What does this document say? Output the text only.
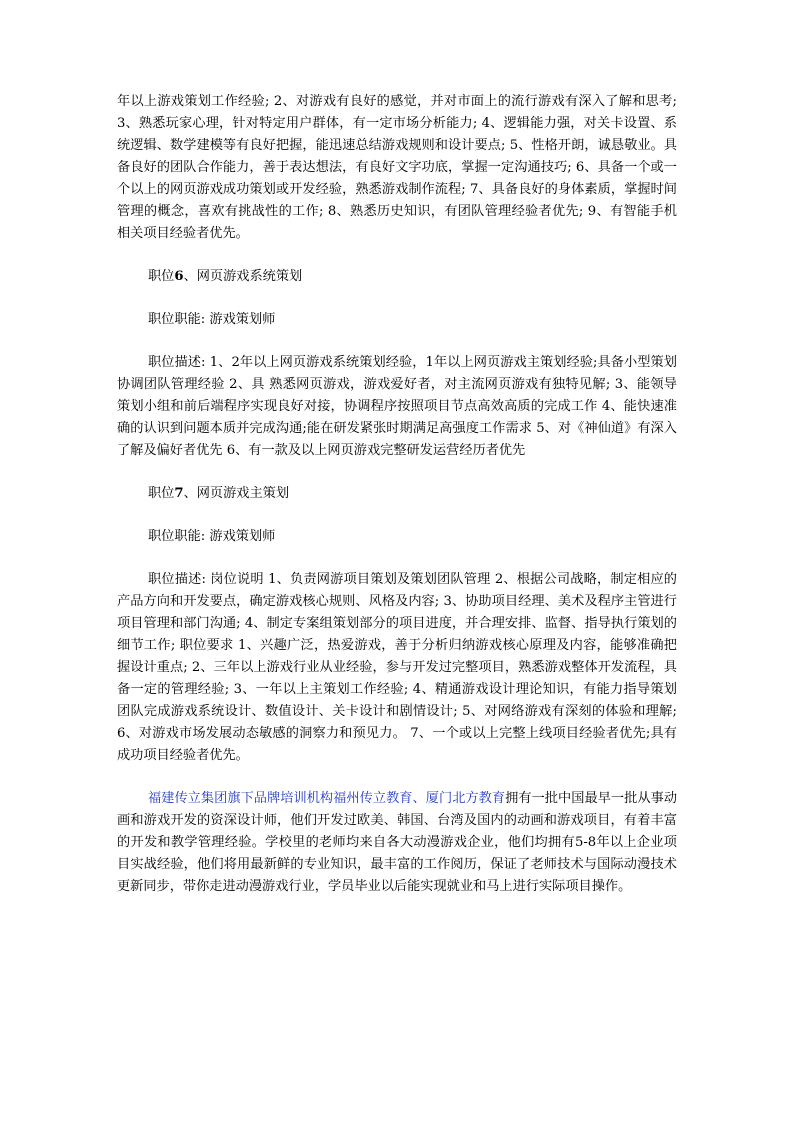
年以上游戏策划工作经验; 2、对游戏有良好的感觉，并对市面上的流行游戏有深入了解和思考; 3、熟悉玩家心理，针对特定用户群体，有一定市场分析能力; 4、逻辑能力强，对关卡设置、系统逻辑、数学建模等有良好把握，能迅速总结游戏规则和设计要点; 5、性格开朗，诚恳敬业。具备良好的团队合作能力，善于表达想法，有良好文字功底，掌握一定沟通技巧; 6、具备一个或一个以上的网页游戏成功策划或开发经验，熟悉游戏制作流程; 7、具备良好的身体素质，掌握时间管理的概念，喜欢有挑战性的工作; 8、熟悉历史知识，有团队管理经验者优先; 9、有智能手机相关项目经验者优先。

职位6、网页游戏系统策划

职位职能: 游戏策划师

职位描述: 1、2年以上网页游戏系统策划经验，1年以上网页游戏主策划经验;具备小型策划协调团队管理经验 2、具 熟悉网页游戏，游戏爱好者，对主流网页游戏有独特见解; 3、能领导策划小组和前后端程序实现良好对接，协调程序按照项目节点高效高质的完成工作 4、能快速准确的认识到问题本质并完成沟通;能在研发紧张时期满足高强度工作需求 5、对《神仙道》有深入了解及偏好者优先 6、有一款及以上网页游戏完整研发运营经历者优先

职位7、网页游戏主策划

职位职能: 游戏策划师

职位描述: 岗位说明 1、负责网游项目策划及策划团队管理 2、根据公司战略，制定相应的产品方向和开发要点，确定游戏核心规则、风格及内容; 3、协助项目经理、美术及程序主管进行项目管理和部门沟通; 4、制定专案组策划部分的项目进度，并合理安排、监督、指导执行策划的细节工作; 职位要求 1、兴趣广泛，热爱游戏，善于分析归纳游戏核心原理及内容，能够准确把握设计重点; 2、三年以上游戏行业从业经验，参与开发过完整项目，熟悉游戏整体开发流程，具备一定的管理经验; 3、一年以上主策划工作经验; 4、精通游戏设计理论知识，有能力指导策划团队完成游戏系统设计、数值设计、关卡设计和剧情设计; 5、对网络游戏有深刻的体验和理解; 6、对游戏市场发展动态敏感的洞察力和预见力。 7、一个或以上完整上线项目经验者优先;具有成功项目经验者优先。

福建传立集团旗下品牌培训机构福州传立教育、厦门北方教育拥有一批中国最早一批从事动画和游戏开发的资深设计师，他们开发过欧美、韩国、台湾及国内的动画和游戏项目，有着丰富的开发和教学管理经验。学校里的老师均来自各大动漫游戏企业，他们均拥有5-8年以上企业项目实战经验，他们将用最新鲜的专业知识，最丰富的工作阅历，保证了老师技术与国际动漫技术更新同步，带你走进动漫游戏行业，学员毕业以后能实现就业和马上进行实际项目操作。
